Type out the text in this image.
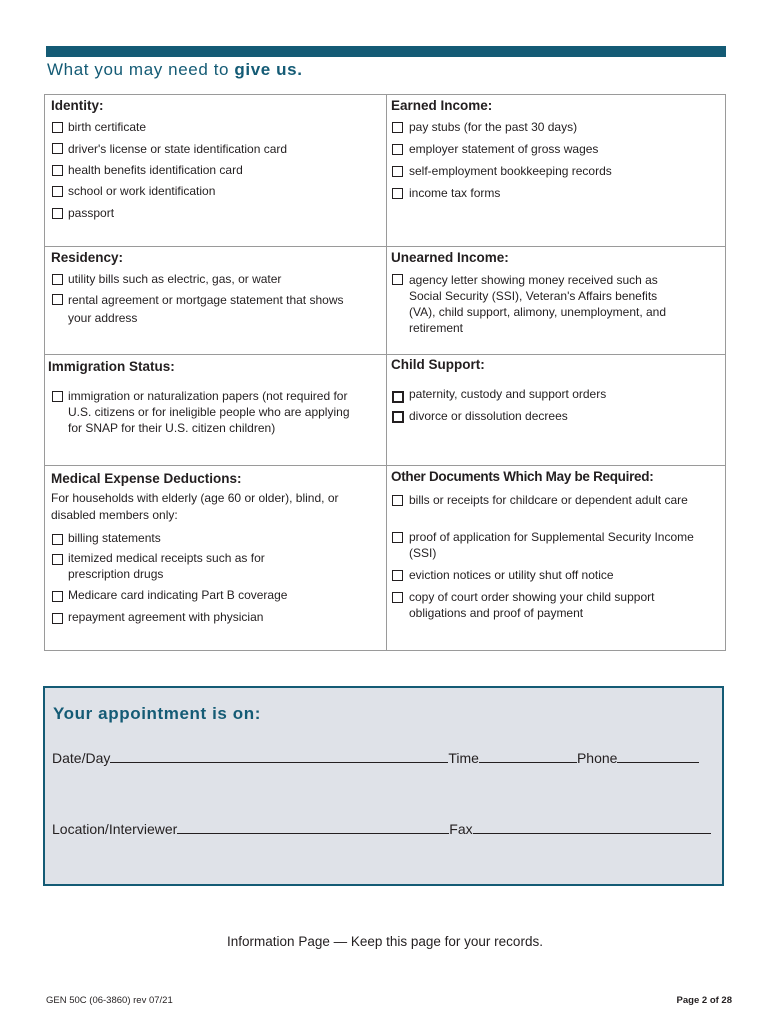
What you may need to give us.
Identity:
birth certificate
driver's license or state identification card
health benefits identification card
school or work identification
passport
Earned Income:
pay stubs (for the past 30 days)
employer statement of gross wages
self-employment bookkeeping records
income tax forms
Residency:
utility bills such as electric, gas, or water
rental agreement or mortgage statement that shows your address
Unearned Income:
agency letter showing money received such as Social Security (SSI), Veteran's Affairs benefits (VA), child support, alimony, unemployment, and retirement
Immigration Status:
immigration or naturalization papers (not required for U.S. citizens or for ineligible people who are applying for SNAP for their U.S. citizen children)
Child Support:
paternity, custody and support orders
divorce or dissolution decrees
Medical Expense Deductions:
For households with elderly (age 60 or older), blind, or disabled members only:
billing statements
itemized medical receipts such as for prescription drugs
Medicare card indicating Part B coverage
repayment agreement with physician
Other Documents Which May be Required:
bills or receipts for childcare or dependent adult care
proof of application for Supplemental Security Income (SSI)
eviction notices or utility shut off notice
copy of court order showing your child support obligations and proof of payment
Your appointment is on:
Date/Day	Time	Phone
Location/Interviewer	Fax
Information Page — Keep this page for your records.
GEN 50C (06-3860) rev 07/21	Page 2 of 28
